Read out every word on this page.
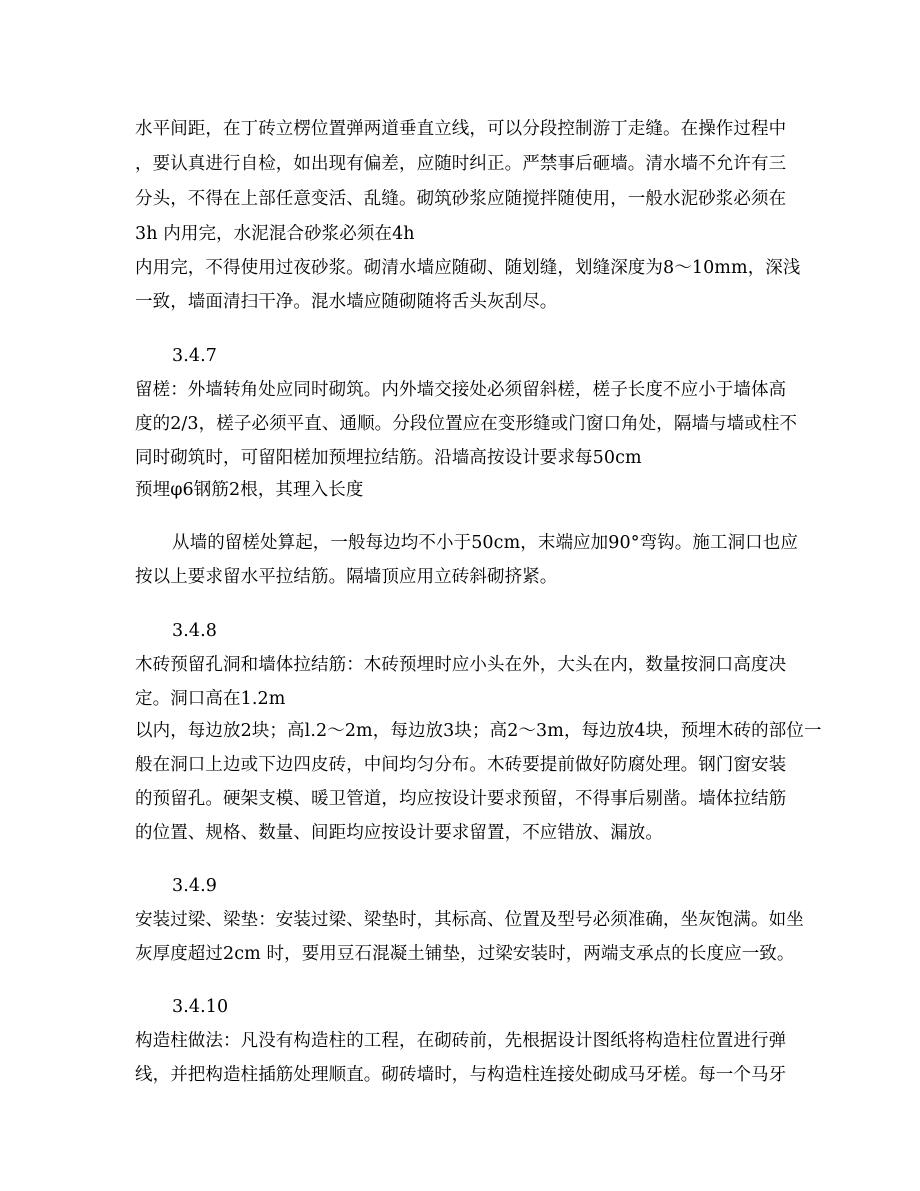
水平间距，在丁砖立楞位置弹两道垂直立线，可以分段控制游丁走缝。在操作过程中
，要认真进行自检，如出现有偏差，应随时纠正。严禁事后砸墙。清水墙不允许有三
分头，不得在上部任意变活、乱缝。砌筑砂浆应随搅拌随使用，一般水泥砂浆必须在
3h 内用完，水泥混合砂浆必须在4h
内用完，不得使用过夜砂浆。砌清水墙应随砌、随划缝，划缝深度为8～10mm，深浅
一致，墙面清扫干净。混水墙应随砌随将舌头灰刮尽。
3.4.7
留槎：外墙转角处应同时砌筑。内外墙交接处必须留斜槎，槎子长度不应小于墙体高
度的2/3，槎子必须平直、通顺。分段位置应在变形缝或门窗口角处，隔墙与墙或柱不
同时砌筑时，可留阳槎加预埋拉结筋。沿墙高按设计要求每50cm
预埋φ6钢筋2根，其理入长度
从墙的留槎处算起，一般每边均不小于50cm，末端应加90°弯钩。施工洞口也应
按以上要求留水平拉结筋。隔墙顶应用立砖斜砌挤紧。
3.4.8
木砖预留孔洞和墙体拉结筋：木砖预埋时应小头在外，大头在内，数量按洞口高度决
定。洞口高在1.2m
以内，每边放2块；高l.2～2m，每边放3块；高2～3m，每边放4块，预埋木砖的部位一
般在洞口上边或下边四皮砖，中间均匀分布。木砖要提前做好防腐处理。钢门窗安装
的预留孔。硬架支模、暖卫管道，均应按设计要求预留，不得事后剔凿。墙体拉结筋
的位置、规格、数量、间距均应按设计要求留置，不应错放、漏放。
3.4.9
安装过梁、梁垫：安装过梁、梁垫时，其标高、位置及型号必须准确，坐灰饱满。如坐
灰厚度超过2cm 时，要用豆石混凝土铺垫，过梁安装时，两端支承点的长度应一致。
3.4.10
构造柱做法：凡没有构造柱的工程，在砌砖前，先根据设计图纸将构造柱位置进行弹
线，并把构造柱插筋处理顺直。砌砖墙时，与构造柱连接处砌成马牙槎。每一个马牙
